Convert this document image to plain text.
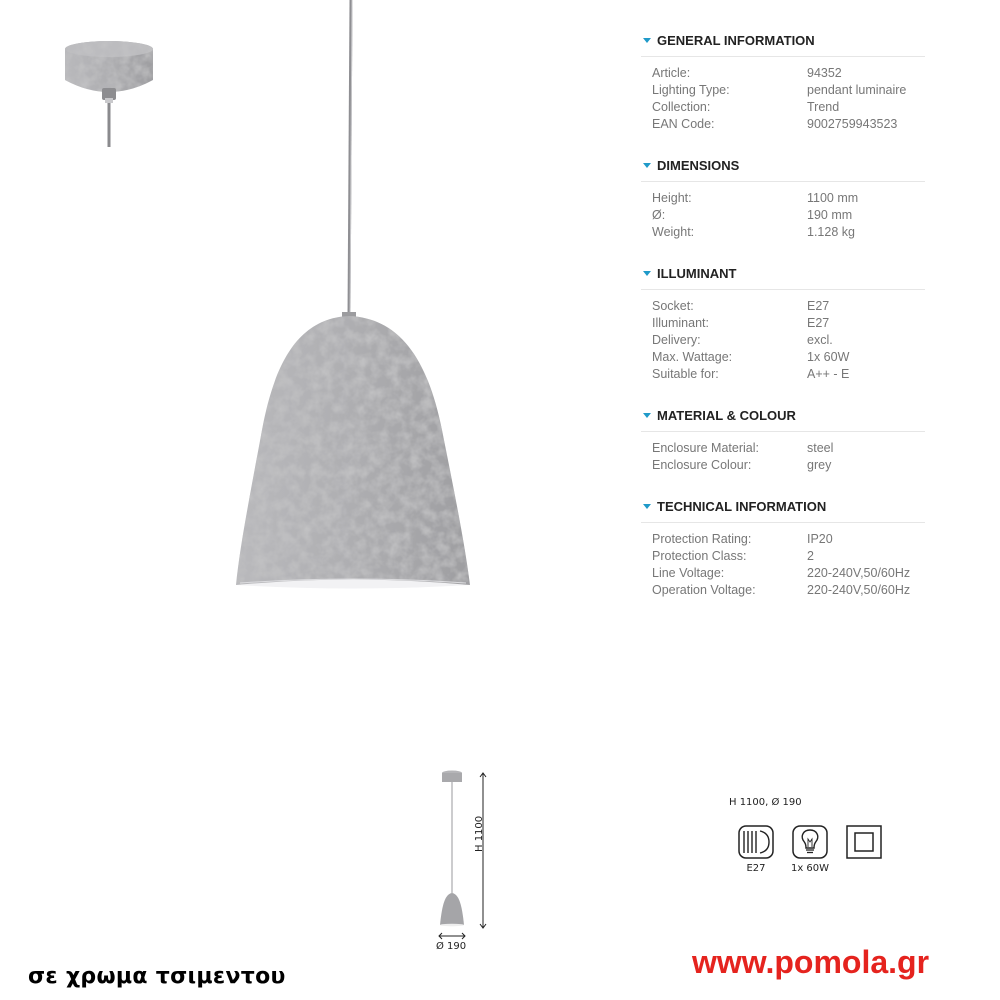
GENERAL INFORMATION
Article:	94352
Lighting Type:	pendant luminaire
Collection:	Trend
EAN Code:	9002759943523
DIMENSIONS
Height:	1100 mm
Ø:	190 mm
Weight:	1.128 kg
ILLUMINANT
Socket:	E27
Illuminant:	E27
Delivery:	excl.
Max. Wattage:	1x 60W
Suitable for:	A++ - E
MATERIAL & COLOUR
Enclosure Material:	steel
Enclosure Colour:	grey
TECHNICAL INFORMATION
Protection Rating:	IP20
Protection Class:	2
Line Voltage:	220-240V,50/60Hz
Operation Voltage:	220-240V,50/60Hz
H 1100
Ø 190
H 1100, Ø 190
E27	1x 60W
σε χρωμα τσιμεντου	www.pomola.gr
